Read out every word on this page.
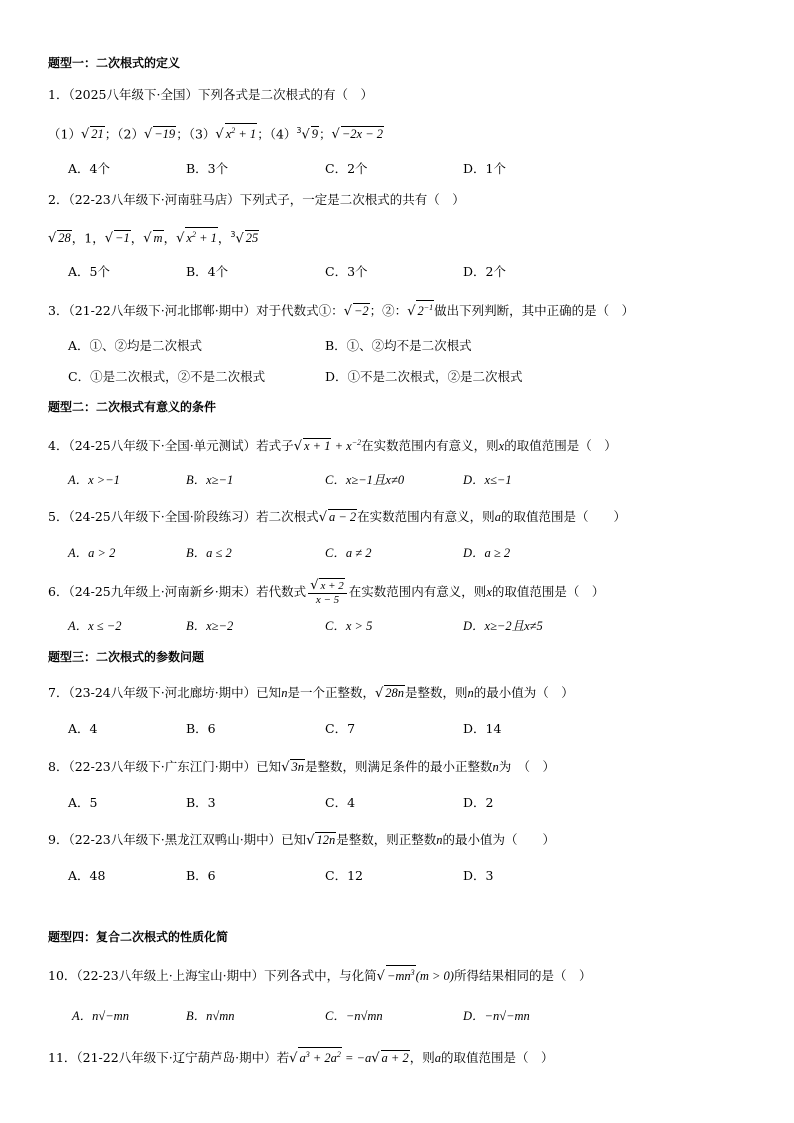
题型一：二次根式的定义
1．（2025八年级下·全国）下列各式是二次根式的有（　）
（1）√ 21；（2）√ −19；（3）√ $x^2 + 1$；$(4)^3√$ 9；√ −2x − 2
A．4个	B．3个	C．2个	D．1个
2．（22-23八年级下·河南驻马店）下列式子，一定是二次根式的共有（　）
√ 28，1，√ −1，√ m，√ $x^2 + 1$，$^3$√ 25
A．5个	B．4个	C．3个	D．2个
3．（21-22八年级下·河北邯郸·期中）对于代数式①：√ −2；②：√ $2^{-1}$做出下列判断，其中正确的是（　）
A．①、②均是二次根式	B．①、②均不是二次根式
C．①是二次根式，②不是二次根式	D．①不是二次根式，②是二次根式
题型二：二次根式有意义的条件
4．（24-25八年级下·全国·单元测试）若式子√ $x + 1 + x^{-2}$在实数范围内有意义，则x的取值范围是（　）
A．x >−1	B．x≥−1	C．x≥−1且x≠0	D．x≤−1
5．（24-25八年级下·全国·阶段练习）若二次根式√ a − 2在实数范围内有意义，则a的取值范围是（　　）
A．a > 2	B．a ≤ 2	C．a ≠ 2	D．a ≥ 2
6．（24-25九年级上·河南新乡·期末）若代数式 $\frac{√ x + 2}{x - 5}$ 在实数范围内有意义，则x的取值范围是（　）
A．x ≤ −2	B．x≥−2	C．x > 5	D．x≥−2且x≠5
题型三：二次根式的参数问题
7．（23-24八年级下·河北廊坊·期中）已知n是一个正整数，√ 28n是整数，则n的最小值为（　）
A．4	B．6	C．7	D．14
8．（22-23八年级下·广东江门·期中）已知√ 3n是整数，则满足条件的最小正整数n为　（　）
A．5	B．3	C．4	D．2
9．（22-23八年级下·黑龙江双鸭山·期中）已知√ 12n是整数，则正整数n的最小值为（　　）
A．48	B．6	C．12	D．3
题型四：复合二次根式的性质化简
10．（22-23八年级上·上海宝山·期中）下列各式中，与化简√ $-mn^3(m > 0)$所得结果相同的是（　）
A．n√−mn	B．n√mn	C．−n√mn	D．−n√−mn
11．（21-22八年级下·辽宁葫芦岛·期中）若√ $a^3 + 2a^2 = -a√$ a + 2，则a的取值范围是（　）
